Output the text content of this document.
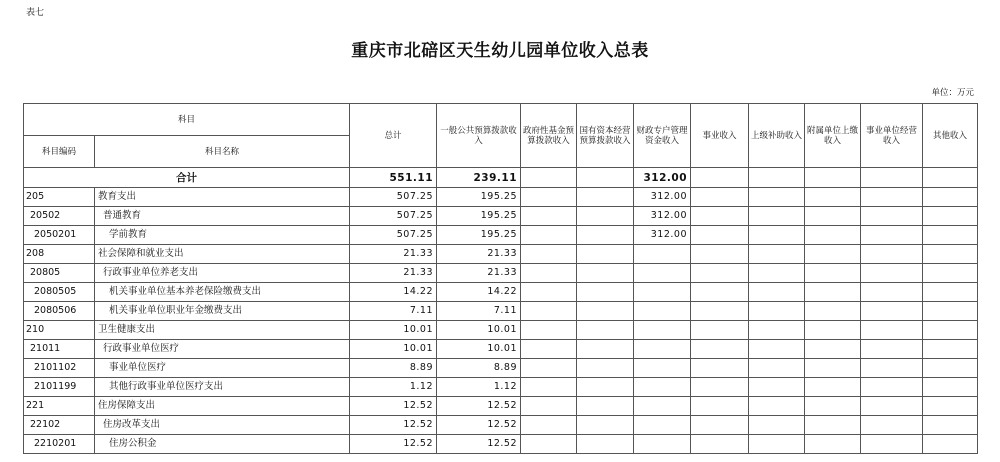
表七
重庆市北碚区天生幼儿园单位收入总表
单位：万元
科目		总计	一般公共预算拨款收入	政府性基金预算拨款收入	国有资本经营预算拨款收入	财政专户管理资金收入	事业收入	上级补助收入	附属单位上缴收入	事业单位经营收入	其他收入
科目编码	科目名称										
合计		551.11	239.11			312.00					
205	教育支出	507.25	195.25			312.00					
20502	普通教育	507.25	195.25			312.00					
2050201	学前教育	507.25	195.25			312.00					
208	社会保障和就业支出	21.33	21.33								
20805	行政事业单位养老支出	21.33	21.33								
2080505	机关事业单位基本养老保险缴费支出	14.22	14.22								
2080506	机关事业单位职业年金缴费支出	7.11	7.11								
210	卫生健康支出	10.01	10.01								
21011	行政事业单位医疗	10.01	10.01								
2101102	事业单位医疗	8.89	8.89								
2101199	其他行政事业单位医疗支出	1.12	1.12								
221	住房保障支出	12.52	12.52								
22102	住房改革支出	12.52	12.52								
2210201	住房公积金	12.52	12.52								
